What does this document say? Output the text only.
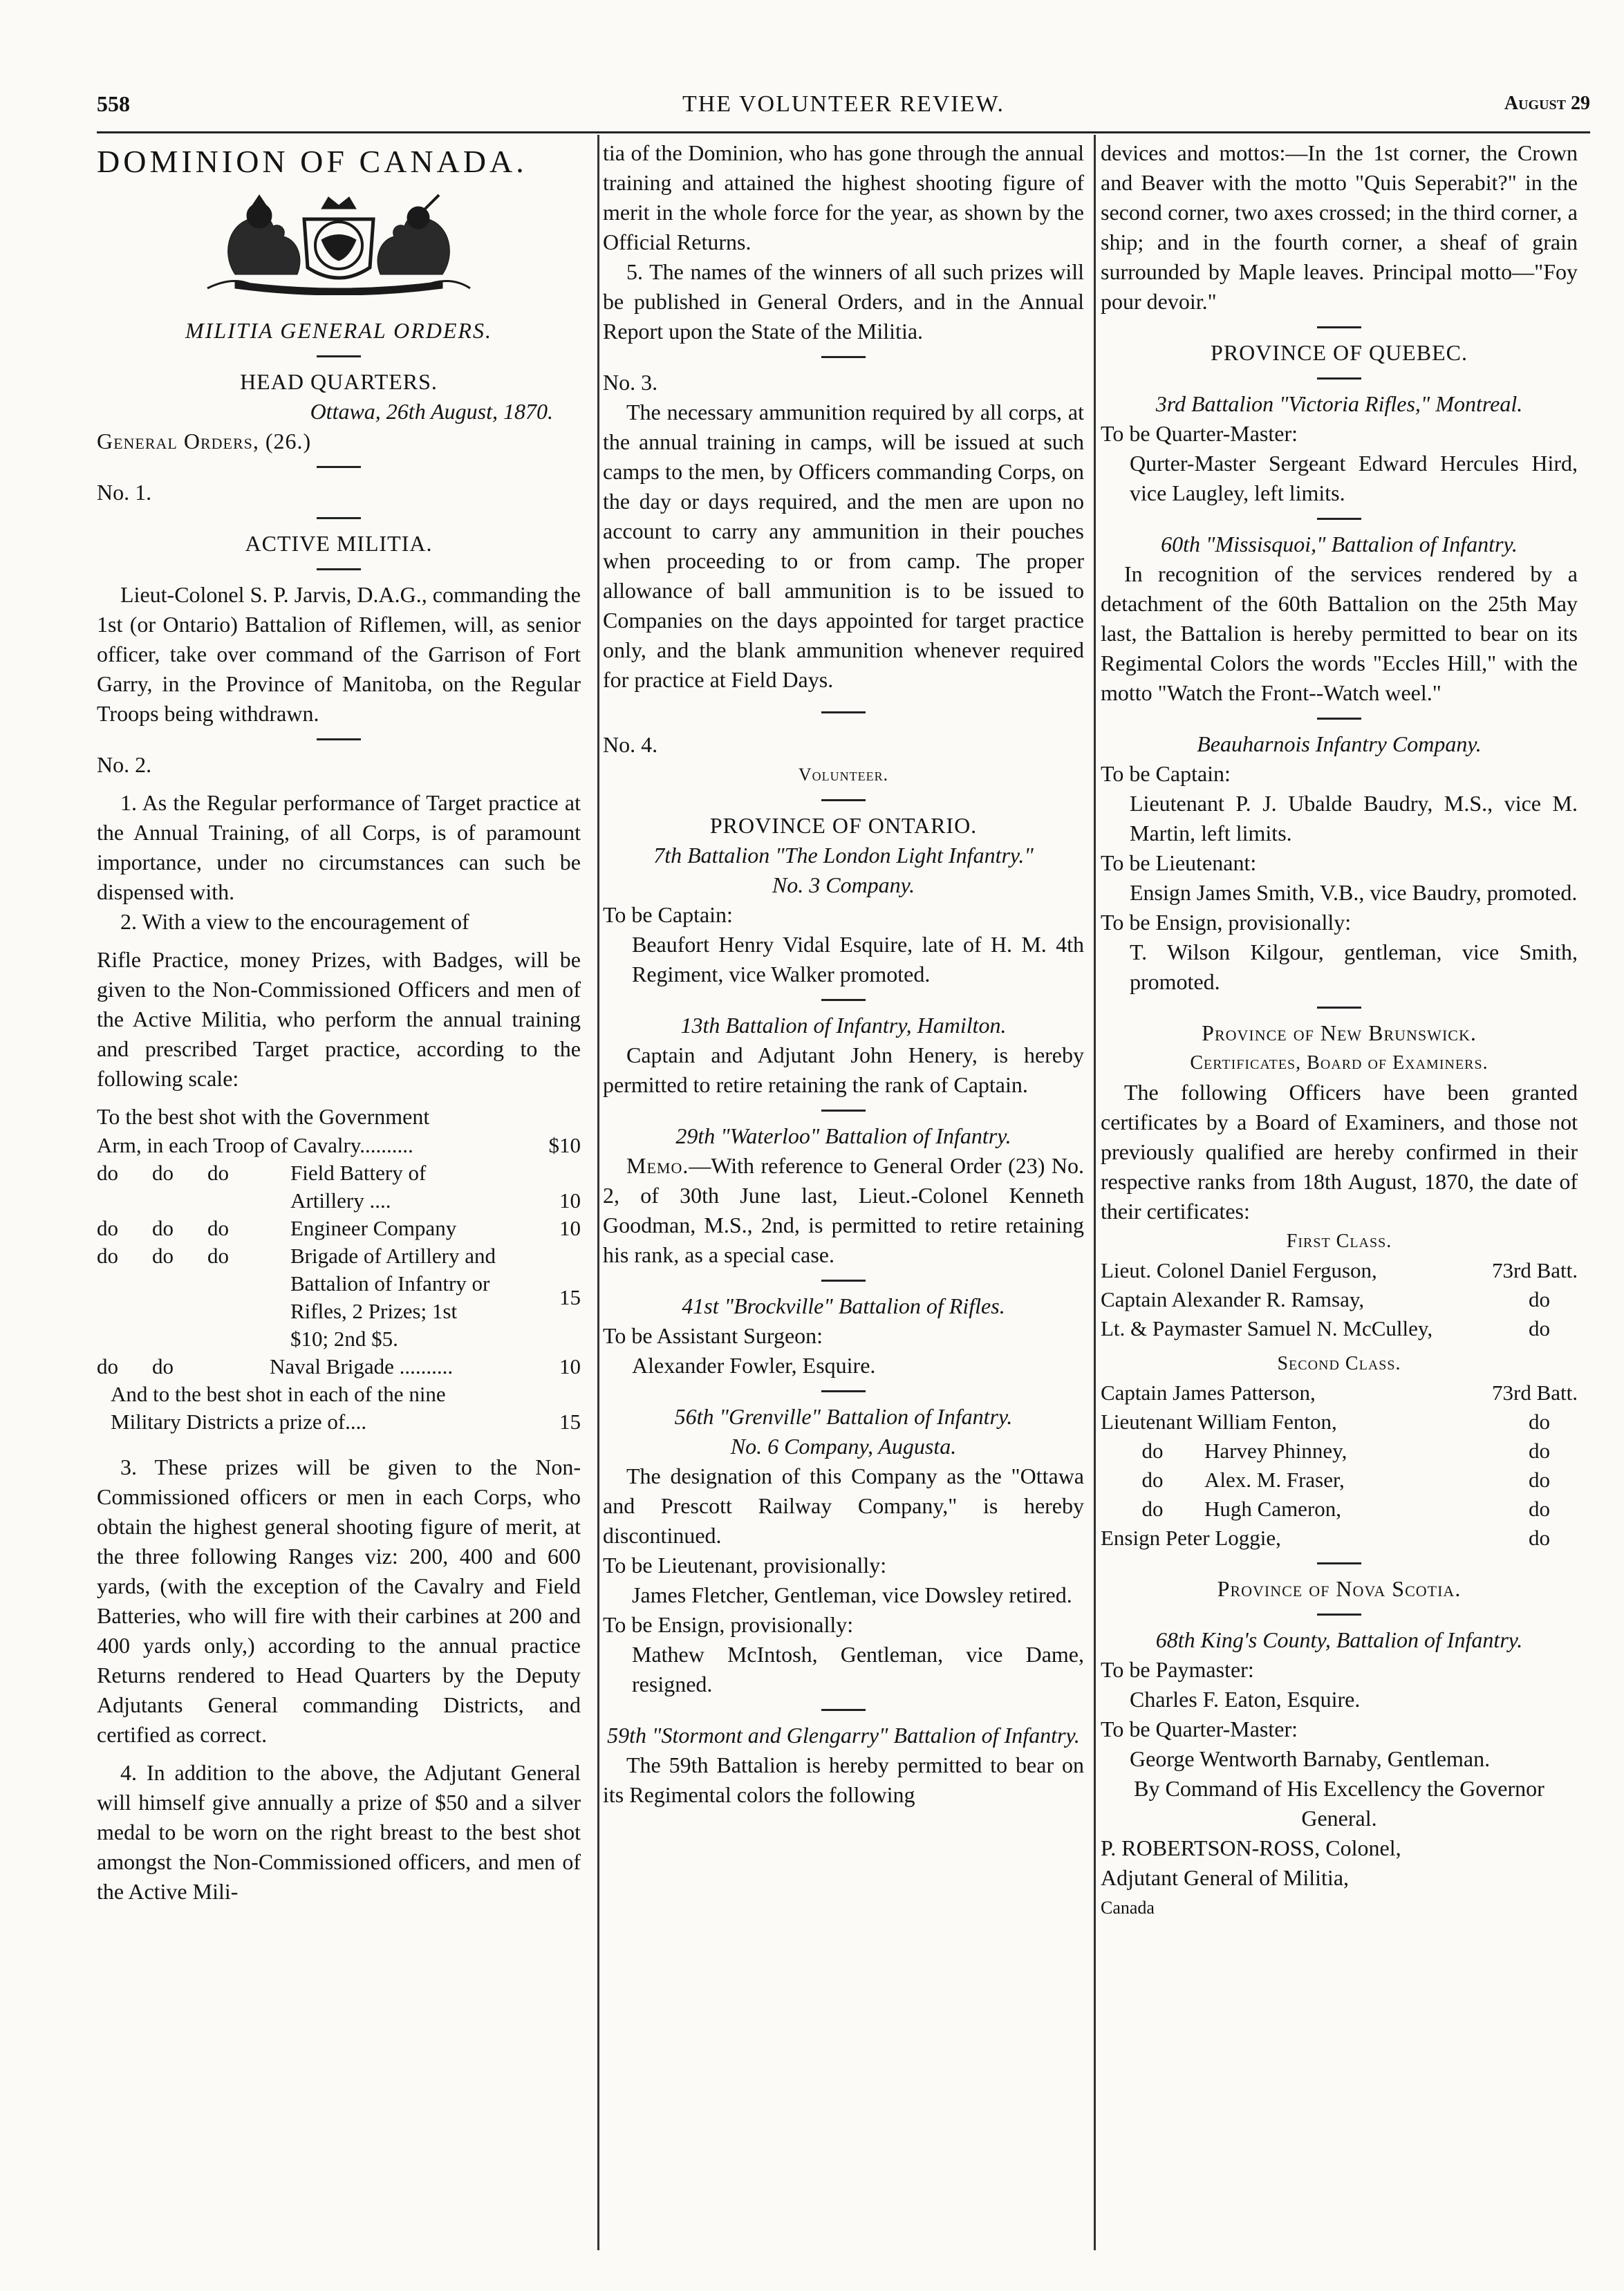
558	THE VOLUNTEER REVIEW.	August 29

DOMINION OF CANADA.

MILITIA GENERAL ORDERS.

HEAD QUARTERS.

Ottawa, 26th August, 1870.

General Orders, (26.)

No. 1.

ACTIVE MILITIA.

Lieut-Colonel S. P. Jarvis, D.A.G., commanding the 1st (or Ontario) Battalion of Riflemen, will, as senior officer, take over command of the Garrison of Fort Garry, in the Province of Manitoba, on the Regular Troops being withdrawn.

No. 2.

1. As the Regular performance of Target practice at the Annual Training, of all Corps, is of paramount importance, under no circumstances can such be dispensed with.

2. With a view to the encouragement of

Rifle Practice, money Prizes, with Badges, will be given to the Non-Commissioned Officers and men of the Active Militia, who perform the annual training and prescribed Target practice, according to the following scale:

To the best shot with the Government

Arm, in each Troop of Cavalry..........				$10
do	do	do	Field Battery of Artillery ....	10
do	do	do	Engineer Company	10
do	do	do	Brigade of Artillery and Battalion of Infantry or Rifles, 2 Prizes; 1st $10; 2nd $5.	15
do	do		Naval Brigade ..........	10
And to the best shot in each of the nine Military Districts a prize of....				15

3. These prizes will be given to the Non-Commissioned officers or men in each Corps, who obtain the highest general shooting figure of merit, at the three following Ranges viz: 200, 400 and 600 yards, (with the exception of the Cavalry and Field Batteries, who will fire with their carbines at 200 and 400 yards only,) according to the annual practice Returns rendered to Head Quarters by the Deputy Adjutants General commanding Districts, and certified as correct.

4. In addition to the above, the Adjutant General will himself give annually a prize of $50 and a silver medal to be worn on the right breast to the best shot amongst the Non-Commissioned officers, and men of the Active Mili-

tia of the Dominion, who has gone through the annual training and attained the highest shooting figure of merit in the whole force for the year, as shown by the Official Returns.

5. The names of the winners of all such prizes will be published in General Orders, and in the Annual Report upon the State of the Militia.

No. 3.

The necessary ammunition required by all corps, at the annual training in camps, will be issued at such camps to the men, by Officers commanding Corps, on the day or days required, and the men are upon no account to carry any ammunition in their pouches when proceeding to or from camp. The proper allowance of ball ammunition is to be issued to Companies on the days appointed for target practice only, and the blank ammunition whenever required for practice at Field Days.

No. 4.

Volunteer.

PROVINCE OF ONTARIO.

7th Battalion "The London Light Infantry."

No. 3 Company.

To be Captain:

Beaufort Henry Vidal Esquire, late of H. M. 4th Regiment, vice Walker promoted.

13th Battalion of Infantry, Hamilton.

Captain and Adjutant John Henery, is hereby permitted to retire retaining the rank of Captain.

29th "Waterloo" Battalion of Infantry.

Memo.—With reference to General Order (23) No. 2, of 30th June last, Lieut.-Colonel Kenneth Goodman, M.S., 2nd, is permitted to retire retaining his rank, as a special case.

41st "Brockville" Battalion of Rifles.

To be Assistant Surgeon:

Alexander Fowler, Esquire.

56th "Grenville" Battalion of Infantry.

No. 6 Company, Augusta.

The designation of this Company as the "Ottawa and Prescott Railway Company," is hereby discontinued.

To be Lieutenant, provisionally:

James Fletcher, Gentleman, vice Dowsley retired.

To be Ensign, provisionally:

Mathew McIntosh, Gentleman, vice Dame, resigned.

59th "Stormont and Glengarry" Battalion of Infantry.

The 59th Battalion is hereby permitted to bear on its Regimental colors the following

devices and mottos:—In the 1st corner, the Crown and Beaver with the motto "Quis Seperabit?" in the second corner, two axes crossed; in the third corner, a ship; and in the fourth corner, a sheaf of grain surrounded by Maple leaves. Principal motto—"Foy pour devoir."

PROVINCE OF QUEBEC.

3rd Battalion "Victoria Rifles," Montreal.

To be Quarter-Master:

Qurter-Master Sergeant Edward Hercules Hird, vice Laugley, left limits.

60th "Missisquoi," Battalion of Infantry.

In recognition of the services rendered by a detachment of the 60th Battalion on the 25th May last, the Battalion is hereby permitted to bear on its Regimental Colors the words "Eccles Hill," with the motto "Watch the Front--Watch weel."

Beauharnois Infantry Company.

To be Captain:

Lieutenant P. J. Ubalde Baudry, M.S., vice M. Martin, left limits.

To be Lieutenant:

Ensign James Smith, V.B., vice Baudry, promoted.

To be Ensign, provisionally:

T. Wilson Kilgour, gentleman, vice Smith, promoted.

Province of New Brunswick.

Certificates, Board of Examiners.

The following Officers have been granted certificates by a Board of Examiners, and those not previously qualified are hereby confirmed in their respective ranks from 18th August, 1870, the date of their certificates:

First Class.

Lieut. Colonel Daniel Ferguson,	73rd Batt.
Captain Alexander R. Ramsay,	do
Lt. & Paymaster Samuel N. McCulley,	do

Second Class.

Captain James Patterson,		73rd Batt.
Lieutenant William Fenton,		do
do	Harvey Phinney,	do
do	Alex. M. Fraser,	do
do	Hugh Cameron,	do
Ensign Peter Loggie,		do

Province of Nova Scotia.

68th King's County, Battalion of Infantry.

To be Paymaster:

Charles F. Eaton, Esquire.

To be Quarter-Master:

George Wentworth Barnaby, Gentleman.

By Command of His Excellency the Governor General.

P. ROBERTSON-ROSS, Colonel,

Adjutant General of Militia,

Canada
